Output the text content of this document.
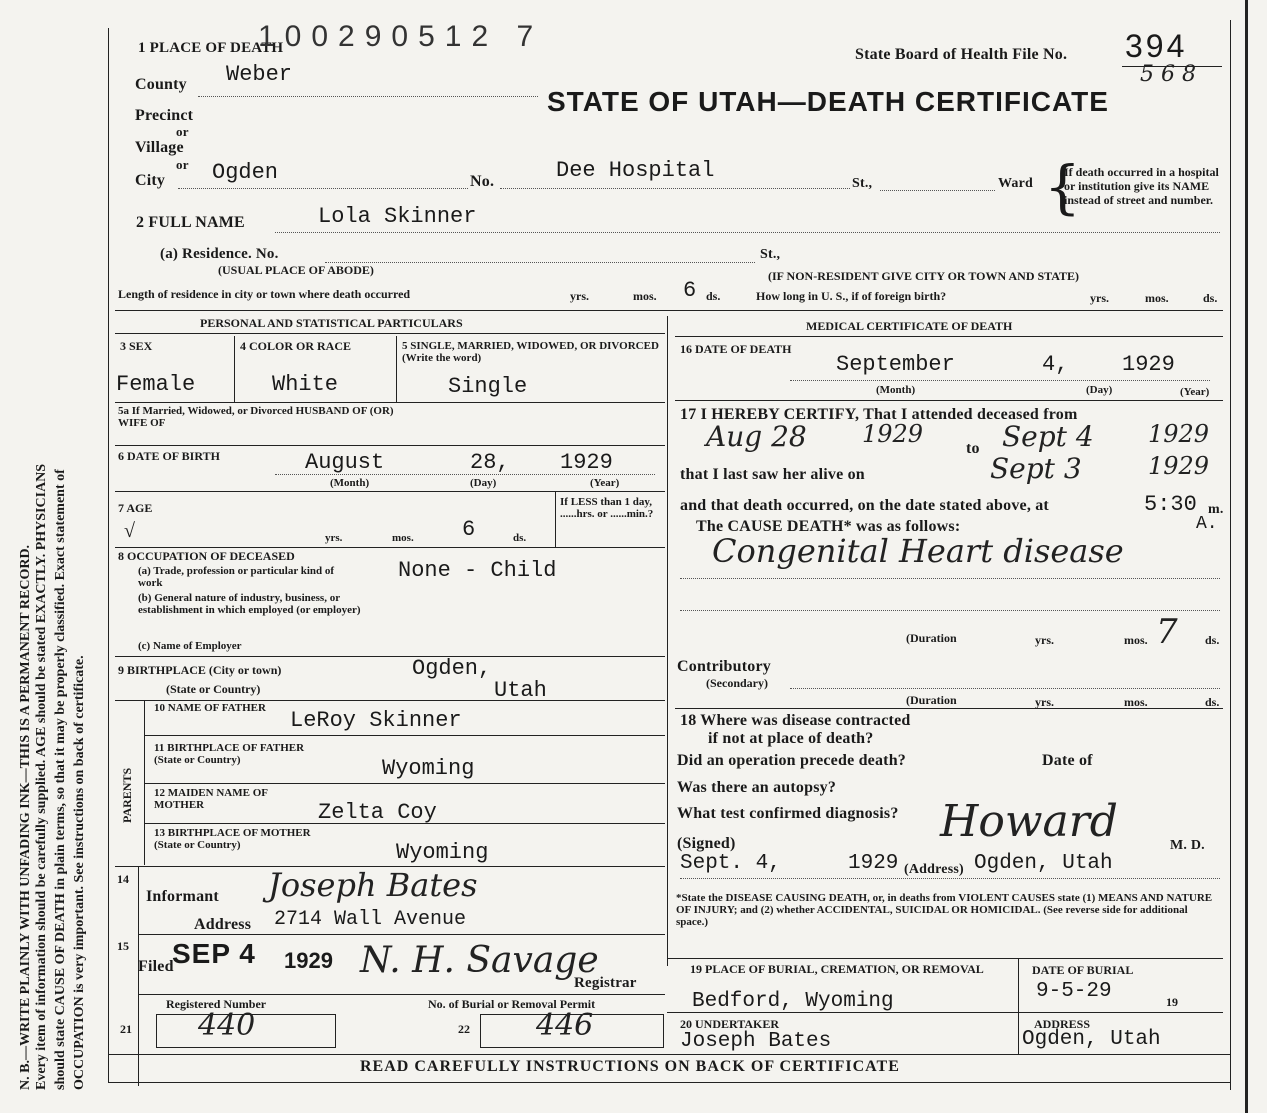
N. B.—WRITE PLAINLY WITH UNFADING INK—THIS IS A PERMANENT RECORD. Every item of information should be carefully supplied. AGE should be stated EXACTLY. PHYSICIANS should state CAUSE OF DEATH in plain terms, so that it may be properly classified. Exact statement of OCCUPATION is very important. See instructions on back of certificate.
1 PLACE OF DEATH
100290512 7
State Board of Health File No. 394
5 6 8
STATE OF UTAH—DEATH CERTIFICATE
County Weber
Precinct
or
Village
or
City Ogden	No.	Dee Hospital
St.,	Ward {
If death occurred in a hospital or institution give its NAME instead of street and number.
2 FULL NAME	Lola Skinner
(a) Residence. No.	St.,
(USUAL PLACE OF ABODE)	(IF NON-RESIDENT GIVE CITY OR TOWN AND STATE)
Length of residence in city or town where death occurred	yrs.	mos. 6 ds.	How long in U. S., if of foreign birth?	yrs.	mos.	ds.
PERSONAL AND STATISTICAL PARTICULARS
3 SEX	4 COLOR OR RACE	5 SINGLE, MARRIED, WIDOWED, OR DIVORCED (Write the word)
Female	White	Single
5a If Married, Widowed, or Divorced HUSBAND OF (OR) WIFE OF
6 DATE OF BIRTH	August	28, 1929
(Month)	(Day)	(Year)
7 AGE
√	yrs.	mos. 6	ds.
If LESS than 1 day, ......hrs. or ......min.?
8 OCCUPATION OF DECEASED
(a) Trade, profession or particular kind of work	None - Child
(b) General nature of industry, business, or establishment in which employed (or employer)
(c) Name of Employer
9 BIRTHPLACE (City or town)
(State or Country)
Ogden,
Utah
PARENTS
10 NAME OF FATHER	LeRoy Skinner
11 BIRTHPLACE OF FATHER (State or Country)	Wyoming
12 MAIDEN NAME OF MOTHER	Zelta Coy
13 BIRTHPLACE OF MOTHER (State or Country)	Wyoming
14
Informant Joseph Bates
Address 2714 Wall Avenue
15
Filed
SEP 4 1929 N. H. Savage
Registrar
Registered Number	No. of Burial or Removal Permit
21 440	22 446
MEDICAL CERTIFICATE OF DEATH
16 DATE OF DEATH
September	4, 1929
(Month)	(Day)	(Year)
17 I HEREBY CERTIFY, That I attended deceased from
Aug 28 1929
to Sept 4 1929
that I last saw her alive on	Sept 3	1929
and that death occurred, on the date stated above, at	5:30 m.
The CAUSE DEATH* was as follows:	A.
Congenital Heart disease
(Duration	yrs.	mos. 7 ds.
Contributory
(Secondary)
(Duration	yrs.	mos.	ds.
18 Where was disease contracted
if not at place of death?
Did an operation precede death?	Date of
Was there an autopsy?
What test confirmed diagnosis?
(Signed)	Howard	M. D.
Sept. 4,	1929 (Address) Ogden, Utah
*State the DISEASE CAUSING DEATH, or, in deaths from VIOLENT CAUSES state (1) MEANS AND NATURE OF INJURY; and (2) whether ACCIDENTAL, SUICIDAL OR HOMICIDAL. (See reverse side for additional space.)
19 PLACE OF BURIAL, CREMATION, OR REMOVAL
Bedford, Wyoming
DATE OF BURIAL
9-5-29	19
20 UNDERTAKER
Joseph Bates
ADDRESS
Ogden, Utah
READ CAREFULLY INSTRUCTIONS ON BACK OF CERTIFICATE
